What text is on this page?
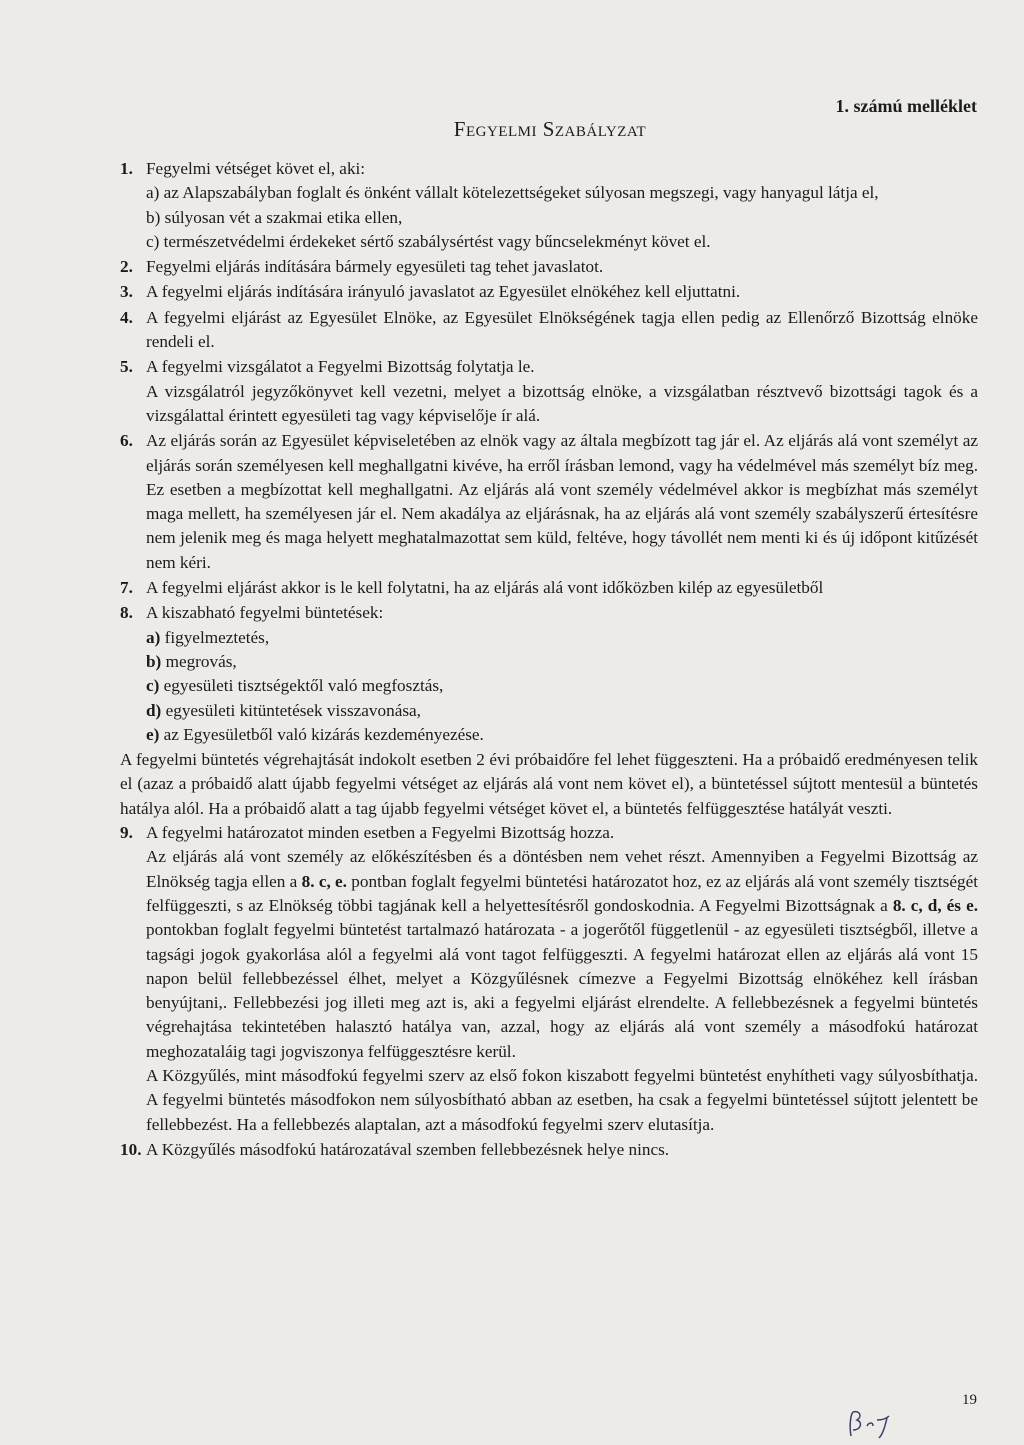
1. számú melléklet
Fegyelmi Szabályzat
1. Fegyelmi vétséget követ el, aki:

a) az Alapszabályban foglalt és önként vállalt kötelezettségeket súlyosan megszegi, vagy hanyagul látja el,

b) súlyosan vét a szakmai etika ellen,

c) természetvédelmi érdekeket sértő szabálysértést vagy bűncselekményt követ el.

2. Fegyelmi eljárás indítására bármely egyesületi tag tehet javaslatot.

3. A fegyelmi eljárás indítására irányuló javaslatot az Egyesület elnökéhez kell eljuttatni.

4. A fegyelmi eljárást az Egyesület Elnöke, az Egyesület Elnökségének tagja ellen pedig az Ellenőrző Bizottság elnöke rendeli el.

5. A fegyelmi vizsgálatot a Fegyelmi Bizottság folytatja le.

A vizsgálatról jegyzőkönyvet kell vezetni, melyet a bizottság elnöke, a vizsgálatban résztvevő bizottsági tagok és a vizsgálattal érintett egyesületi tag vagy képviselője ír alá.

6. Az eljárás során az Egyesület képviseletében az elnök vagy az általa megbízott tag jár el. Az eljárás alá vont személyt az eljárás során személyesen kell meghallgatni kivéve, ha erről írásban lemond, vagy ha védelmével más személyt bíz meg. Ez esetben a megbízottat kell meghallgatni. Az eljárás alá vont személy védelmével akkor is megbízhat más személyt maga mellett, ha személyesen jár el. Nem akadálya az eljárásnak, ha az eljárás alá vont személy szabályszerű értesítésre nem jelenik meg és maga helyett meghatalmazottat sem küld, feltéve, hogy távollét nem menti ki és új időpont kitűzését nem kéri.

7. A fegyelmi eljárást akkor is le kell folytatni, ha az eljárás alá vont időközben kilép az egyesületből

8. A kiszabható fegyelmi büntetések:

a) figyelmeztetés,

b) megrovás,

c) egyesületi tisztségektől való megfosztás,

d) egyesületi kitüntetések visszavonása,

e) az Egyesületből való kizárás kezdeményezése.

A fegyelmi büntetés végrehajtását indokolt esetben 2 évi próbaidőre fel lehet függeszteni. Ha a próbaidő eredményesen telik el (azaz a próbaidő alatt újabb fegyelmi vétséget az eljárás alá vont nem követ el), a büntetéssel sújtott mentesül a büntetés hatálya alól. Ha a próbaidő alatt a tag újabb fegyelmi vétséget követ el, a büntetés felfüggesztése hatályát veszti.

9. A fegyelmi határozatot minden esetben a Fegyelmi Bizottság hozza.

Az eljárás alá vont személy az előkészítésben és a döntésben nem vehet részt. Amennyiben a Fegyelmi Bizottság az Elnökség tagja ellen a 8. c, e. pontban foglalt fegyelmi büntetési határozatot hoz, ez az eljárás alá vont személy tisztségét felfüggeszti, s az Elnökség többi tagjának kell a helyettesítésről gondoskodnia. A Fegyelmi Bizottságnak a 8. c, d, és e. pontokban foglalt fegyelmi büntetést tartalmazó határozata - a jogerőtől függetlenül - az egyesületi tisztségből, illetve a tagsági jogok gyakorlása alól a fegyelmi alá vont tagot felfüggeszti. A fegyelmi határozat ellen az eljárás alá vont 15 napon belül fellebbezéssel élhet, melyet a Közgyűlésnek címezve a Fegyelmi Bizottság elnökéhez kell írásban benyújtani,. Fellebbezési jog illeti meg azt is, aki a fegyelmi eljárást elrendelte. A fellebbezésnek a fegyelmi büntetés végrehajtása tekintetében halasztó hatálya van, azzal, hogy az eljárás alá vont személy a másodfokú határozat meghozataláig tagi jogviszonya felfüggesztésre kerül.

A Közgyűlés, mint másodfokú fegyelmi szerv az első fokon kiszabott fegyelmi büntetést enyhítheti vagy súlyosbíthatja. A fegyelmi büntetés másodfokon nem súlyosbítható abban az esetben, ha csak a fegyelmi büntetéssel sújtott jelentett be fellebbezést. Ha a fellebbezés alaptalan, azt a másodfokú fegyelmi szerv elutasítja.

10. A Közgyűlés másodfokú határozatával szemben fellebbezésnek helye nincs.

19
